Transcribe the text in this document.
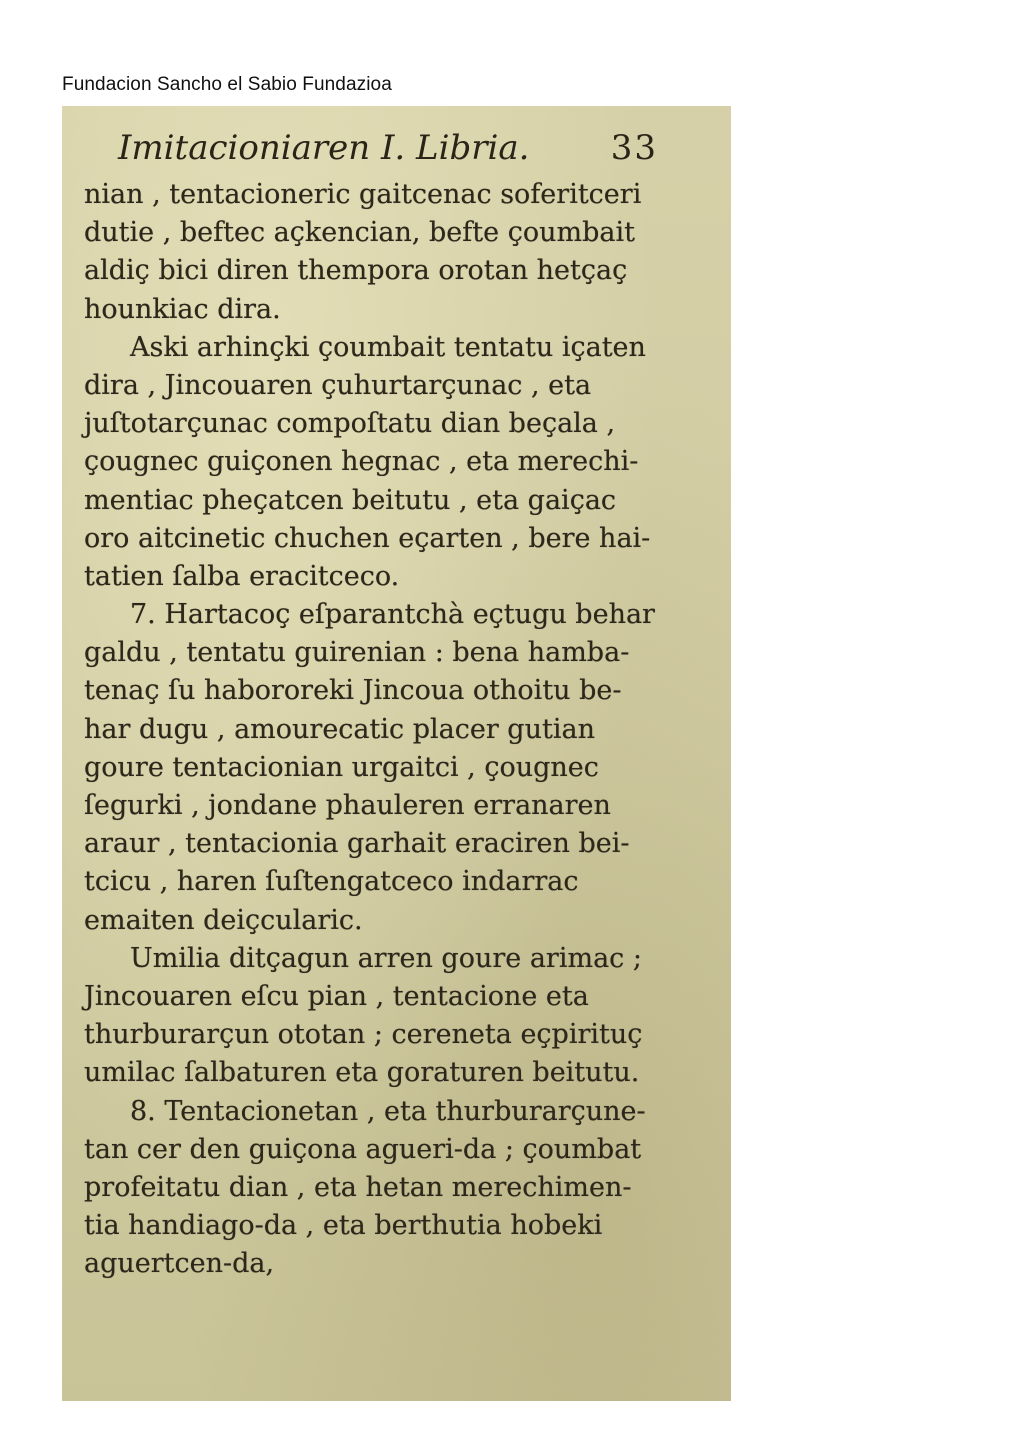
Fundacion Sancho el Sabio Fundazioa
Imitacioniaren I. Libria. 33
nian , tentacioneric gaitcenac soferitceri
dutie , beftec açkencian, befte çoumbait
aldiç bici diren thempora orotan hetçaç
hounkiac dira.
Aski arhinçki çoumbait tentatu içaten
dira , Jincouaren çuhurtarçunac , eta
juſtotarçunac compoſtatu dian beçala ,
çougnec guiçonen hegnac , eta merechi-
mentiac pheçatcen beitutu , eta gaiçac
oro aitcinetic chuchen eçarten , bere hai-
tatien ſalba eracitceco.
7. Hartacoç eſparantchà eçtugu behar
galdu , tentatu guirenian : bena hamba-
tenaç ſu habororeki Jincoua othoitu be-
har dugu , amourecatic placer gutian
goure tentacionian urgaitci , çougnec
ſegurki , jondane phauleren erranaren
araur , tentacionia garhait eraciren bei-
tcicu , haren ſuſtengatceco indarrac
emaiten deiçcularic.
Umilia ditçagun arren goure arimac ;
Jincouaren eſcu pian , tentacione eta
thurburarçun ototan ; cereneta eçpirituç
umilac ſalbaturen eta goraturen beitutu.
8. Tentacionetan , eta thurburarçune-
tan cer den guiçona agueri-da ; çoumbat
profeitatu dian , eta hetan merechimen-
tia handiago-da , eta berthutia hobeki
aguertcen-da,
